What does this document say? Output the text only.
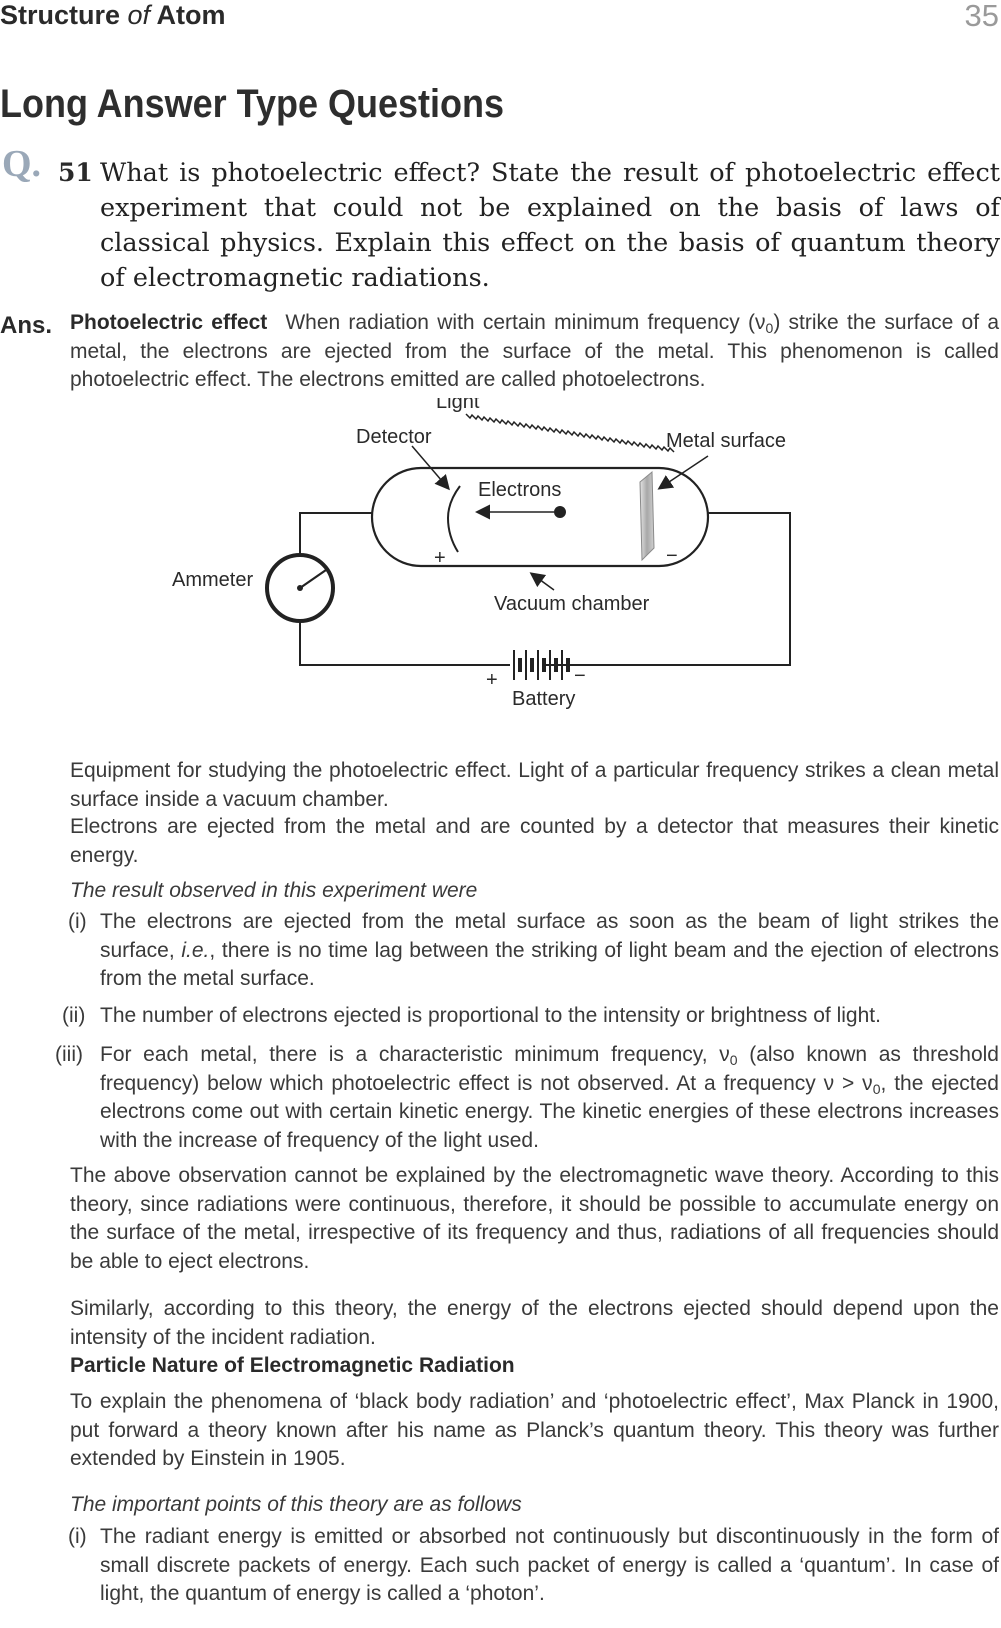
Structure of Atom	35
Long Answer Type Questions
Q. 51 What is photoelectric effect? State the result of photoelectric effect experiment that could not be explained on the basis of laws of classical physics. Explain this effect on the basis of quantum theory of electromagnetic radiations.
Ans. Photoelectric effect When radiation with certain minimum frequency $(\nu_0)$ strike the surface of a metal, the electrons are ejected from the surface of the metal. This phenomenon is called photoelectric effect. The electrons emitted are called photoelectrons.
Light
Detector	Metal surface
Electrons
Ammeter
Vacuum chamber
Battery
+	−
+	−
Equipment for studying the photoelectric effect. Light of a particular frequency strikes a clean metal surface inside a vacuum chamber.
Electrons are ejected from the metal and are counted by a detector that measures their kinetic energy.
The result observed in this experiment were
(i) The electrons are ejected from the metal surface as soon as the beam of light strikes the surface, i.e., there is no time lag between the striking of light beam and the ejection of electrons from the metal surface.
(ii) The number of electrons ejected is proportional to the intensity or brightness of light.
(iii) For each metal, there is a characteristic minimum frequency, $\nu_0$ (also known as threshold frequency) below which photoelectric effect is not observed. At a frequency $\nu > \nu_0$, the ejected electrons come out with certain kinetic energy. The kinetic energies of these electrons increases with the increase of frequency of the light used.
The above observation cannot be explained by the electromagnetic wave theory. According to this theory, since radiations were continuous, therefore, it should be possible to accumulate energy on the surface of the metal, irrespective of its frequency and thus, radiations of all frequencies should be able to eject electrons.
Similarly, according to this theory, the energy of the electrons ejected should depend upon the intensity of the incident radiation.
Particle Nature of Electromagnetic Radiation
To explain the phenomena of ‘black body radiation’ and ‘photoelectric effect’, Max Planck in 1900, put forward a theory known after his name as Planck’s quantum theory. This theory was further extended by Einstein in 1905.
The important points of this theory are as follows
(i) The radiant energy is emitted or absorbed not continuously but discontinuously in the form of small discrete packets of energy. Each such packet of energy is called a ‘quantum’. In case of light, the quantum of energy is called a ‘photon’.
